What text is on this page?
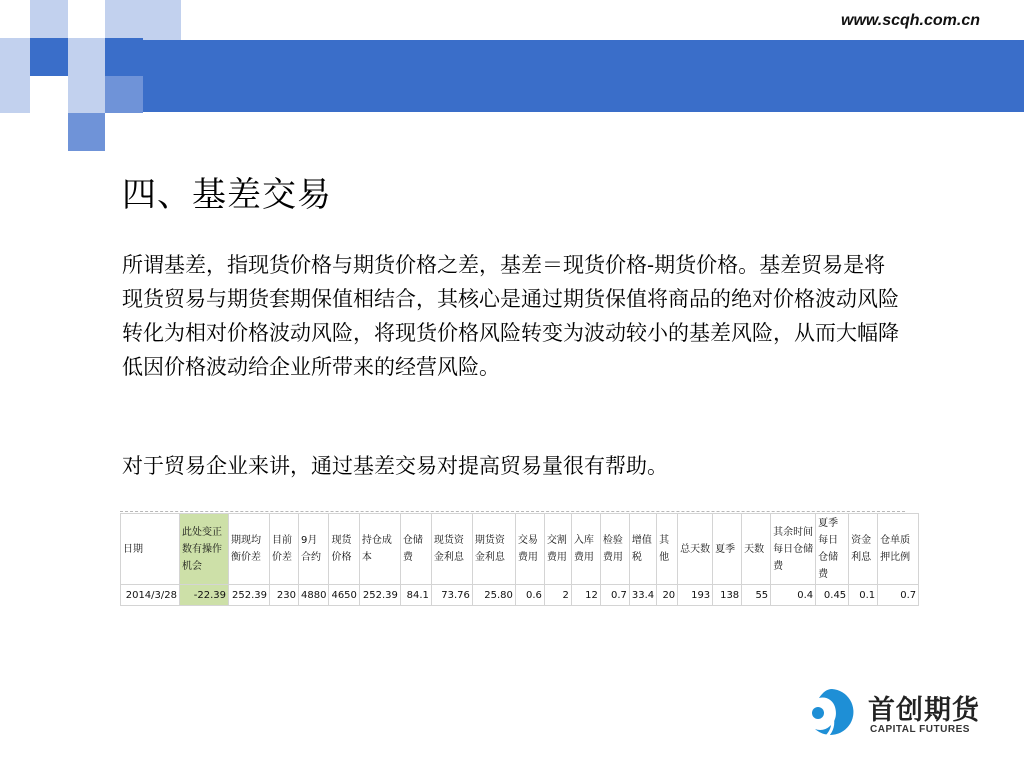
www.scqh.com.cn
四、基差交易

所谓基差，指现货价格与期货价格之差，基差＝现货价格-期货价格。基差贸易是将现货贸易与期货套期保值相结合，其核心是通过期货保值将商品的绝对价格波动风险转化为相对价格波动风险，将现货价格风险转变为波动较小的基差风险，从而大幅降低因价格波动给企业所带来的经营风险。

对于贸易企业来讲，通过基差交易对提高贸易量很有帮助。

日期	此处变正数有操作机会	期现均衡价差	目前价差	9月合约	现货价格	持仓成本	仓储费	现货资金利息	期货资金利息	交易费用	交割费用	入库费用	检验费用	增值税	其他	总天数	夏季	天数	其余时间每日仓储费	夏季每日仓储费	资金利息	仓单质押比例
2014/3/28	-22.39	252.39	230	4880	4650	252.39	84.1	73.76	25.80	0.6	2	12	0.7	33.4	20	193	138	55	0.4	0.45	0.1	0.7
首创期货
CAPITAL FUTURES
